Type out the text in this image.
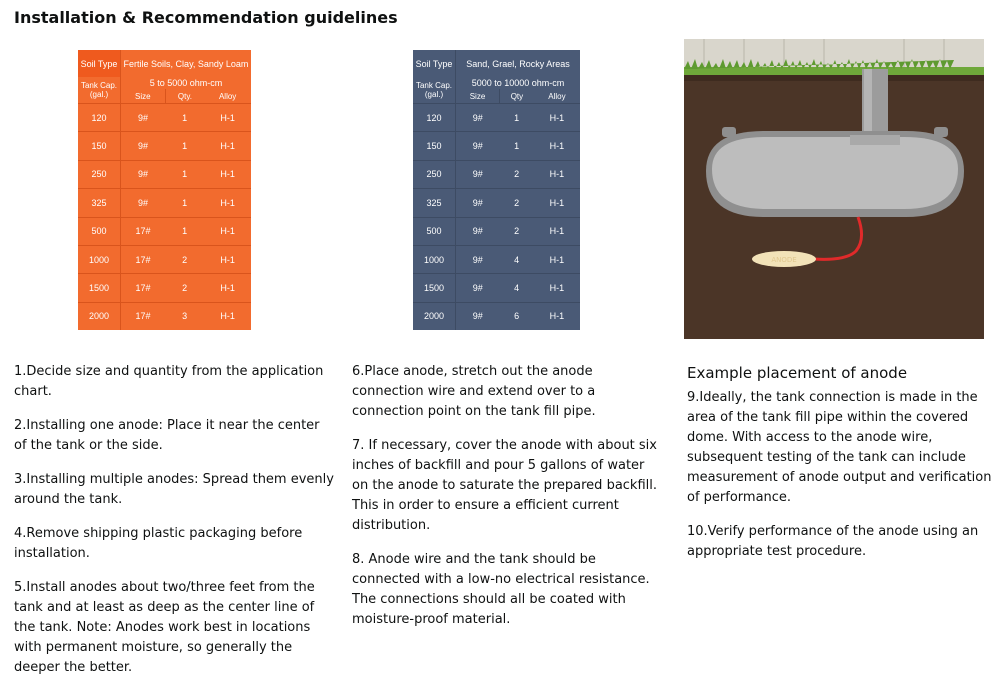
Installation & Recommendation guidelines
Soil Type	Fertile Soils, Clay, Sandy Loam		
Tank Cap. (gal.)	5 to 5000 ohm-cm		
	Size	Qty.	Alloy
120	9#	1	H-1
150	9#	1	H-1
250	9#	1	H-1
325	9#	1	H-1
500	17#	1	H-1
1000	17#	2	H-1
1500	17#	2	H-1
2000	17#	3	H-1
Soil Type	Sand, Grael, Rocky Areas		
Tank Cap. (gal.)	5000 to 10000 ohm-cm		
	Size	Qty	Alloy
120	9#	1	H-1
150	9#	1	H-1
250	9#	2	H-1
325	9#	2	H-1
500	9#	2	H-1
1000	9#	4	H-1
1500	9#	4	H-1
2000	9#	6	H-1
ANODE

1.Decide size and quantity from the application chart.

2.Installing one anode: Place it near the center of the tank or the side.

3.Installing multiple anodes: Spread them evenly around the tank.

4.Remove shipping plastic packaging before installation.

5.Install anodes about two/three feet from the tank and at least as deep as the center line of the tank. Note: Anodes work best in locations with permanent moisture, so generally the deeper the better.

6.Place anode, stretch out the anode connection wire and extend over to a connection point on the tank fill pipe.

7. If necessary, cover the anode with about six inches of backfill and pour 5 gallons of water on the anode to saturate the prepared backfill. This in order to ensure a efficient current distribution.

8. Anode wire and the tank should be connected with a low-no electrical resistance. The connections should all be coated with moisture-proof material.

Example placement of anode

9.Ideally, the tank connection is made in the area of the tank fill pipe within the covered dome. With access to the anode wire, subsequent testing of the tank can include measurement of anode output and verification of performance.

10.Verify performance of the anode using an appropriate test procedure.
